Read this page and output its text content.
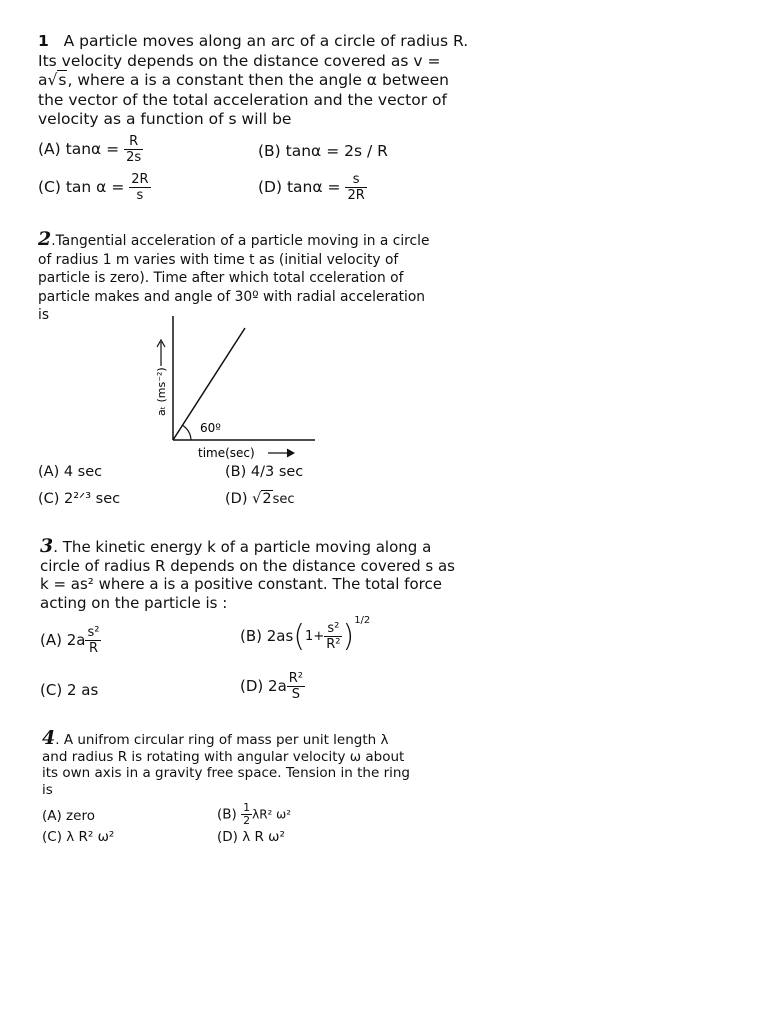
1 A particle moves along an arc of a circle of radius R. Its velocity depends on the distance covered as v = a√s, where a is a constant then the angle α between the vector of the total acceleration and the vector of velocity as a function of s will be
(A) $\tan\alpha = \frac{R}{2s}$	(B) tanα = 2s / R
(C) $\tan \alpha = \frac{2R}{s}$	(D) $\tan\alpha = \frac{s}{2R}$
2.Tangential acceleration of a particle moving in a circle of radius 1 m varies with time t as (initial velocity of particle is zero). Time after which total cceleration of particle makes and angle of 30º with radial acceleration is
60º
aₜ (ms⁻²)
time(sec)
(A) 4 sec	(B) 4/3 sec
(C) 2²ᐟ³ sec	(D) √2sec
3. The kinetic energy k of a particle moving along a circle of radius R depends on the distance covered s as k = as² where a is a positive constant. The total force acting on the particle is :
(A) $2a \frac{\text{s²}}{R}$	(B) $2as(1+ \frac{\text{s²}}{\text{R²}} )^{1/2}$
(C) 2 as	(D) $2a \frac{\text{R²}}{S}$
4. A unifrom circular ring of mass per unit length λ and radius R is rotating with angular velocity ω about its own axis in a gravity free space. Tension in the ring is
(A) zero	$(B) \frac{1}{2} \lambda R^2$ ω²
(C) λ R² ω²	(D) λ R ω²
